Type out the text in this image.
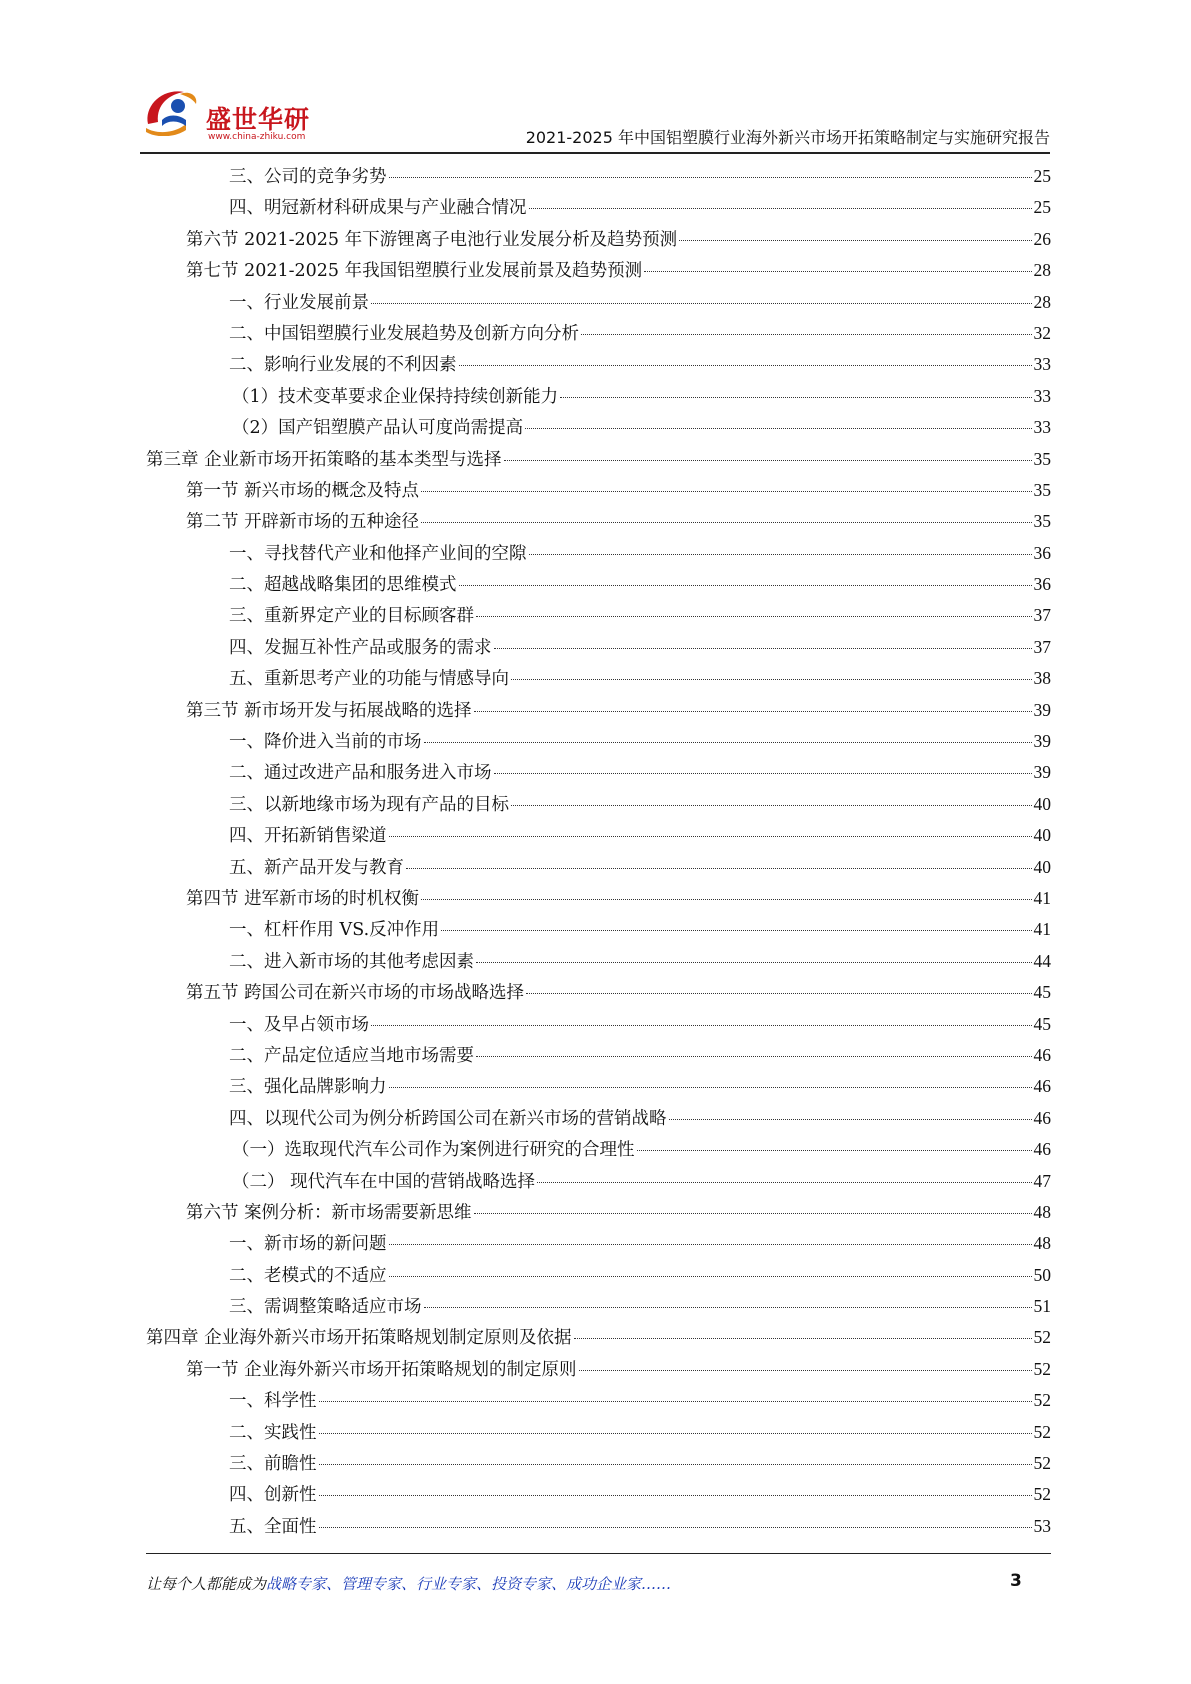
盛世华研
www.china-zhiku.com	2021-2025 年中国铝塑膜行业海外新兴市场开拓策略制定与实施研究报告
三、公司的竞争劣势	25
四、明冠新材科研成果与产业融合情况	25
第六节 2021-2025 年下游锂离子电池行业发展分析及趋势预测	26
第七节 2021-2025 年我国铝塑膜行业发展前景及趋势预测	28
一、行业发展前景	28
二、中国铝塑膜行业发展趋势及创新方向分析	32
二、影响行业发展的不利因素	33
（1）技术变革要求企业保持持续创新能力	33
（2）国产铝塑膜产品认可度尚需提高	33
第三章 企业新市场开拓策略的基本类型与选择	35
第一节 新兴市场的概念及特点	35
第二节 开辟新市场的五种途径	35
一、寻找替代产业和他择产业间的空隙	36
二、超越战略集团的思维模式	36
三、重新界定产业的目标顾客群	37
四、发掘互补性产品或服务的需求	37
五、重新思考产业的功能与情感导向	38
第三节 新市场开发与拓展战略的选择	39
一、降价进入当前的市场	39
二、通过改进产品和服务进入市场	39
三、以新地缘市场为现有产品的目标	40
四、开拓新销售梁道	40
五、新产品开发与教育	40
第四节 进军新市场的时机权衡	41
一、杠杆作用 VS.反冲作用	41
二、进入新市场的其他考虑因素	44
第五节 跨国公司在新兴市场的市场战略选择	45
一、及早占领市场	45
二、产品定位适应当地市场需要	46
三、强化品牌影响力	46
四、以现代公司为例分析跨国公司在新兴市场的营销战略	46
（一）选取现代汽车公司作为案例进行研究的合理性	46
（二） 现代汽车在中国的营销战略选择	47
第六节 案例分析：新市场需要新思维	48
一、新市场的新问题	48
二、老模式的不适应	50
三、需调整策略适应市场	51
第四章 企业海外新兴市场开拓策略规划制定原则及依据	52
第一节 企业海外新兴市场开拓策略规划的制定原则	52
一、科学性	52
二、实践性	52
三、前瞻性	52
四、创新性	52
五、全面性	53
让每个人都能成为战略专家、管理专家、行业专家、投资专家、成功企业家……	3
